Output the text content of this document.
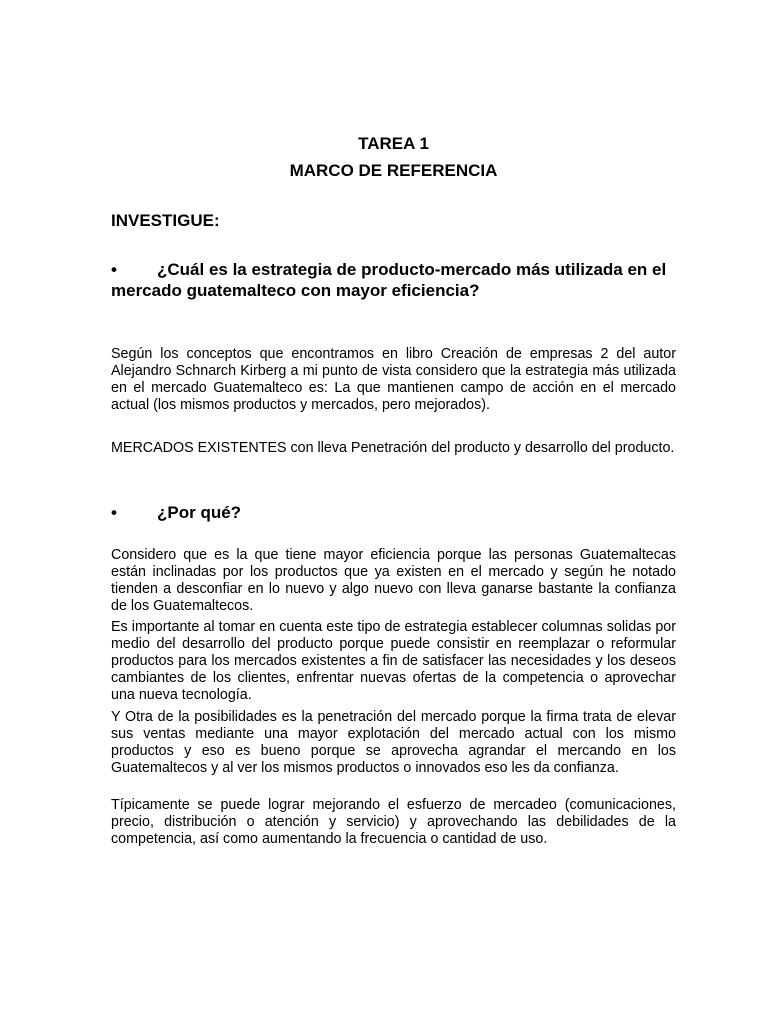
TAREA 1
MARCO DE REFERENCIA
INVESTIGUE:
• ¿Cuál es la estrategia de producto-mercado más utilizada en el mercado guatemalteco con mayor eficiencia?

Según los conceptos que encontramos en libro Creación de empresas 2 del autor Alejandro Schnarch Kirberg a mi punto de vista considero que la estrategia más utilizada en el mercado Guatemalteco es: La que mantienen campo de acción en el mercado actual (los mismos productos y mercados, pero mejorados).

MERCADOS EXISTENTES con lleva Penetración del producto y desarrollo del producto.

• ¿Por qué?

Considero que es la que tiene mayor eficiencia porque las personas Guatemaltecas están inclinadas por los productos que ya existen en el mercado y según he notado tienden a desconfiar en lo nuevo y algo nuevo con lleva ganarse bastante la confianza de los Guatemaltecos.

Es importante al tomar en cuenta este tipo de estrategia establecer columnas solidas por medio del desarrollo del producto porque puede consistir en reemplazar o reformular productos para los mercados existentes a fin de satisfacer las necesidades y los deseos cambiantes de los clientes, enfrentar nuevas ofertas de la competencia o aprovechar una nueva tecnología.

Y Otra de la posibilidades es la penetración del mercado porque la firma trata de elevar sus ventas mediante una mayor explotación del mercado actual con los mismo productos y eso es bueno porque se aprovecha agrandar el mercando en los Guatemaltecos y al ver los mismos productos o innovados eso les da confianza.

Típicamente se puede lograr mejorando el esfuerzo de mercadeo (comunicaciones, precio, distribución o atención y servicio) y aprovechando las debilidades de la competencia, así como aumentando la frecuencia o cantidad de uso.
